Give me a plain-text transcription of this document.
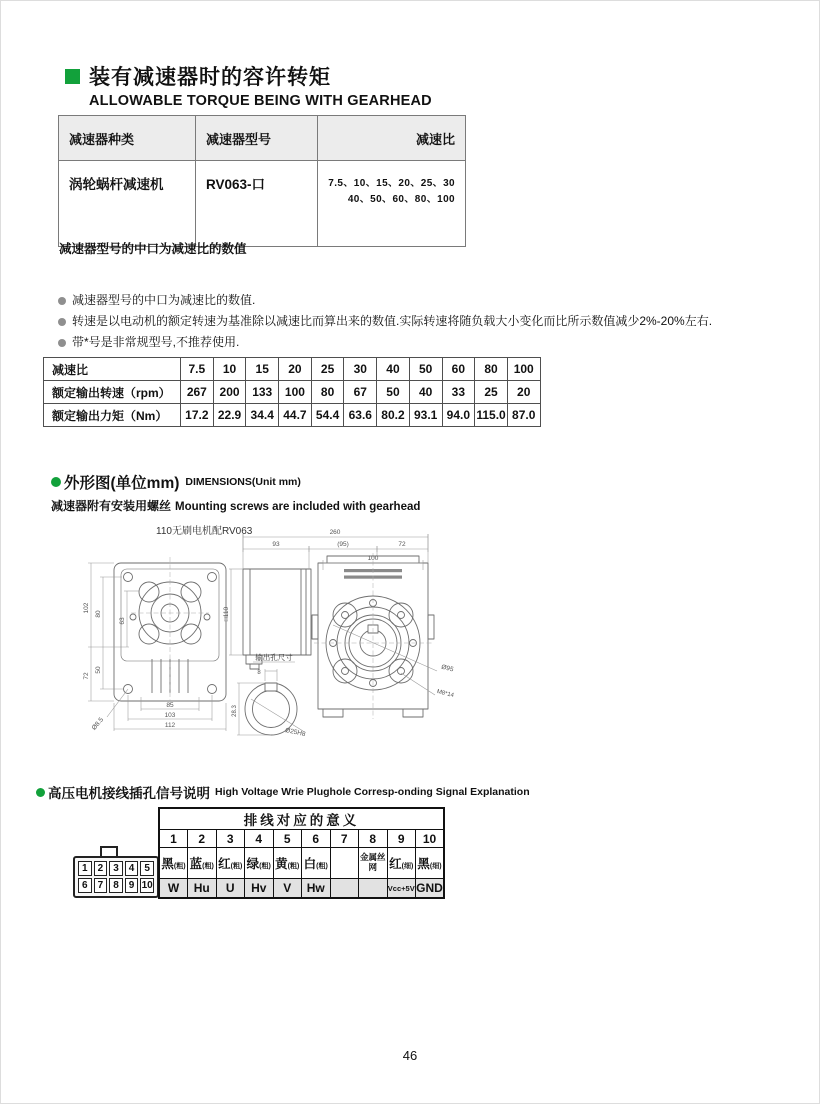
装有减速器时的容许转矩
ALLOWABLE TORQUE BEING WITH GEARHEAD
减速器种类	减速器型号	减速比
涡轮蜗杆减速机	RV063-口	7.5、10、15、20、25、30
40、50、60、80、100
减速器型号的中口为减速比的数值
减速器型号的中口为减速比的数值.
转速是以电动机的额定转速为基准除以减速比而算出来的数值.实际转速将随负载大小变化而比所示数值减少2%-20%左右.
带*号是非常规型号,不推荐使用.
减速比	7.5	10	15	20	25	30	40	50	60	80	100
额定输出转速（rpm）	267	200	133	100	80	67	50	40	33	25	20
额定输出力矩（Nm）	17.2	22.9	34.4	44.7	54.4	63.6	80.2	93.1	94.0	115.0	87.0
外形图(单位mm) DIMENSIONS(Unit mm)
减速器附有安装用螺丝 Mounting screws are included with gearhead
110无刷电机配RV063	260
93	(95)	72
100
102
80
63
72
50
85
103
112
Ø8.5
□110
Ø95
M8*14
输出孔尺寸
8
28.3
Ø25H8
高压电机接线插孔信号说明 High Voltage Wrie Plughole Corresp-onding Signal Explanation
1	2	3	4	5
6	7	8	9 10
排线对应的意义									
1	2	3	4	5	6	7	8	9	10
黑(粗)	蓝(粗)	红(粗)	绿(粗)	黄(粗)	白(粗)		金属丝网	红(细)	黑(细)
W	Hu	U	Hv	V	Hw			Vcc+5V	GND
46
